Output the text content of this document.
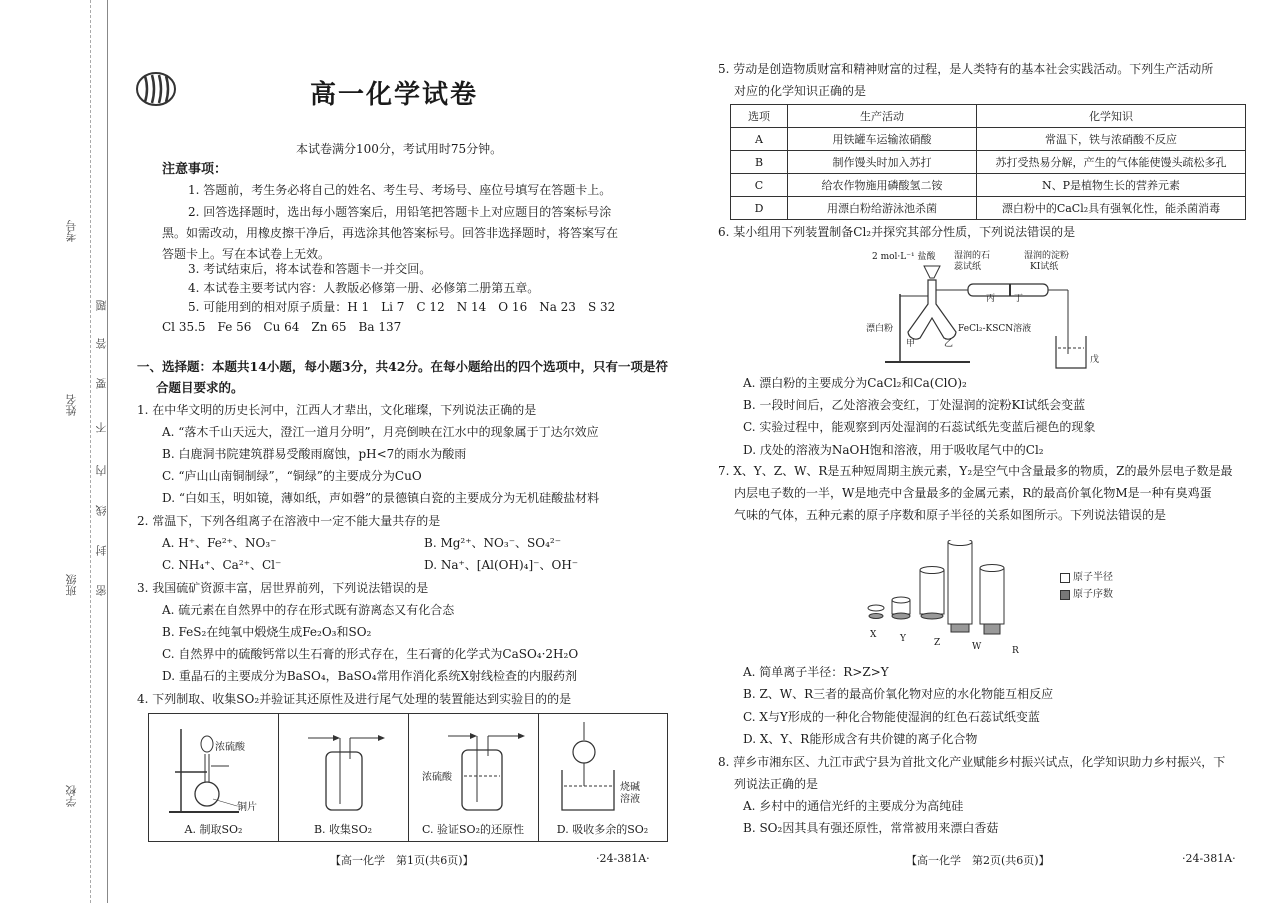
考号
姓名
班级
学校
题
答
要
不
内
线
封
密
高一化学试卷
本试卷满分100分，考试用时75分钟。
注意事项：
1. 答题前，考生务必将自己的姓名、考生号、考场号、座位号填写在答题卡上。
2. 回答选择题时，选出每小题答案后，用铅笔把答题卡上对应题目的答案标号涂
黑。如需改动，用橡皮擦干净后，再选涂其他答案标号。回答非选择题时，将答案写在
答题卡上。写在本试卷上无效。
3. 考试结束后，将本试卷和答题卡一并交回。
4. 本试卷主要考试内容：人教版必修第一册、必修第二册第五章。
5. 可能用到的相对原子质量：H 1　Li 7　C 12　N 14　O 16　Na 23　S 32
Cl 35.5　Fe 56　Cu 64　Zn 65　Ba 137
一、选择题：本题共14小题，每小题3分，共42分。在每小题给出的四个选项中，只有一项是符
合题目要求的。
1. 在中华文明的历史长河中，江西人才辈出，文化璀璨，下列说法正确的是
A. “落木千山天远大，澄江一道月分明”，月亮倒映在江水中的现象属于丁达尔效应
B. 白鹿洞书院建筑群易受酸雨腐蚀，pH<7的雨水为酸雨
C. “庐山山南铜制绿”，“铜绿”的主要成分为CuO
D. “白如玉，明如镜，薄如纸，声如磬”的景德镇白瓷的主要成分为无机硅酸盐材料
2. 常温下，下列各组离子在溶液中一定不能大量共存的是
A. H⁺、Fe²⁺、NO₃⁻	B. Mg²⁺、NO₃⁻、SO₄²⁻
C. NH₄⁺、Ca²⁺、Cl⁻	D. Na⁺、[Al(OH)₄]⁻、OH⁻
3. 我国硫矿资源丰富，居世界前列，下列说法错误的是
A. 硫元素在自然界中的存在形式既有游离态又有化合态
B. FeS₂在纯氧中煅烧生成Fe₂O₃和SO₂
C. 自然界中的硫酸钙常以生石膏的形式存在，生石膏的化学式为CaSO₄·2H₂O
D. 重晶石的主要成分为BaSO₄，BaSO₄常用作消化系统X射线检查的内服药剂
4. 下列制取、收集SO₂并验证其还原性及进行尾气处理的装置能达到实验目的的是
浓硫酸
铜片
A. 制取SO₂	B. 收集SO₂
浓硫酸
C. 验证SO₂的还原性
烧碱
溶液
D. 吸收多余的SO₂
【高一化学　第1页(共6页)】	·24-381A·
5. 劳动是创造物质财富和精神财富的过程，是人类特有的基本社会实践活动。下列生产活动所
对应的化学知识正确的是
选项	生产活动	化学知识
A	用铁罐车运输浓硝酸	常温下，铁与浓硝酸不反应
B	制作馒头时加入苏打	苏打受热易分解，产生的气体能使馒头疏松多孔
C	给农作物施用磷酸氢二铵	N、P是植物生长的营养元素
D	用漂白粉给游泳池杀菌	漂白粉中的CaCl₂具有强氧化性，能杀菌消毒
6. 某小组用下列装置制备Cl₂并探究其部分性质，下列说法错误的是
2 mol·L⁻¹ 盐酸 湿润的石
蕊试纸
湿润的淀粉
KI试纸
丙 丁
漂白粉	FeCl₂-KSCN溶液
甲	乙
戊
A. 漂白粉的主要成分为CaCl₂和Ca(ClO)₂
B. 一段时间后，乙处溶液会变红，丁处湿润的淀粉KI试纸会变蓝
C. 实验过程中，能观察到丙处湿润的石蕊试纸先变蓝后褪色的现象
D. 戊处的溶液为NaOH饱和溶液，用于吸收尾气中的Cl₂
7. X、Y、Z、W、R是五种短周期主族元素，Y₂是空气中含量最多的物质，Z的最外层电子数是最
内层电子数的一半，W是地壳中含量最多的金属元素，R的最高价氧化物M是一种有臭鸡蛋
气味的气体，五种元素的原子序数和原子半径的关系如图所示。下列说法错误的是
X	Y	Z	W	R
原子半径
原子序数
A. 简单离子半径：R>Z>Y
B. Z、W、R三者的最高价氧化物对应的水化物能互相反应
C. X与Y形成的一种化合物能使湿润的红色石蕊试纸变蓝
D. X、Y、R能形成含有共价键的离子化合物
8. 萍乡市湘东区、九江市武宁县为首批文化产业赋能乡村振兴试点，化学知识助力乡村振兴，下
列说法正确的是
A. 乡村中的通信光纤的主要成分为高纯硅
B. SO₂因其具有强还原性，常常被用来漂白香菇
【高一化学　第2页(共6页)】	·24-381A·
